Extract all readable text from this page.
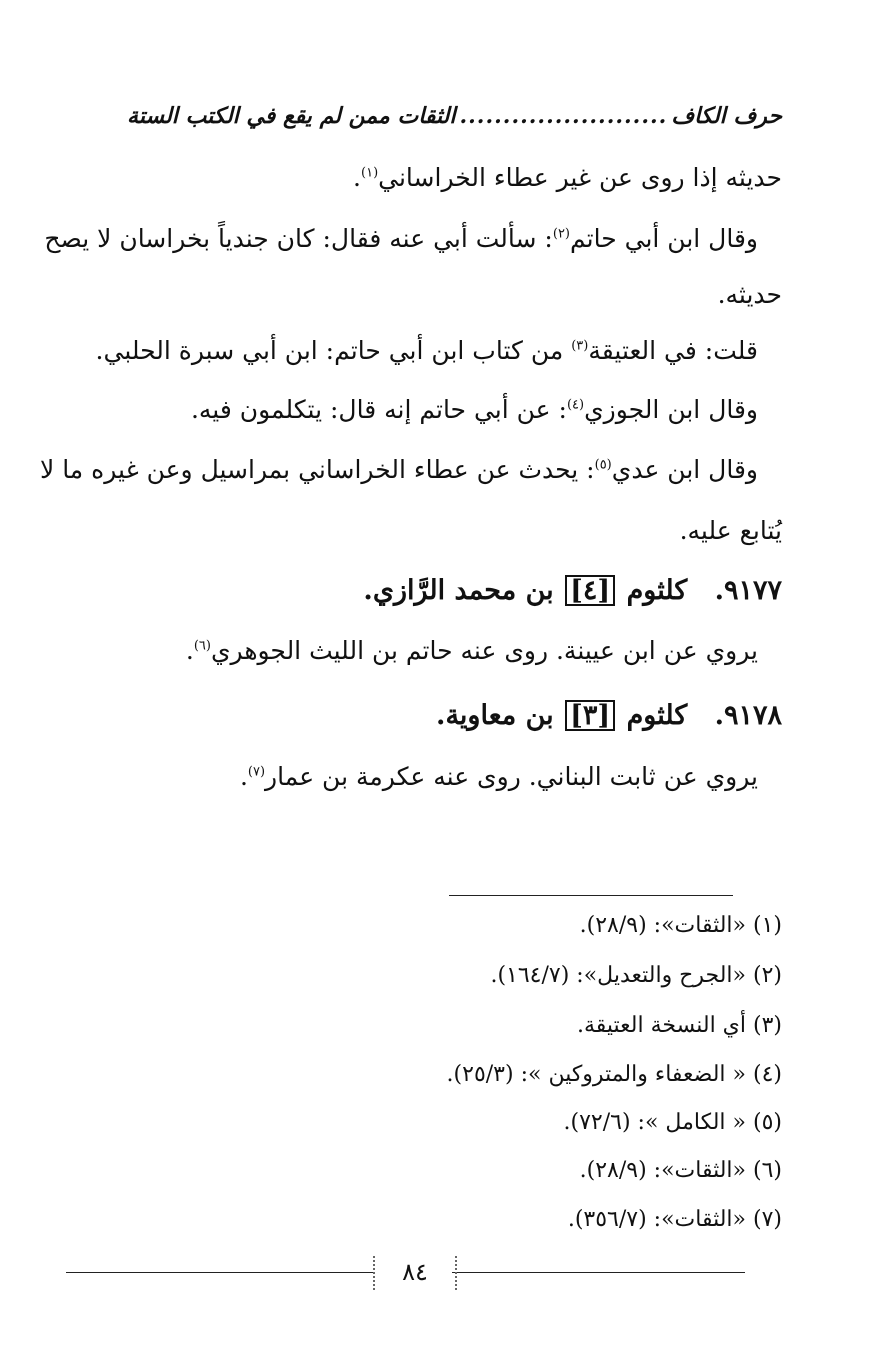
حرف الكاف
........................
الثقات ممن لم يقع في الكتب الستة
حديثه إذا روى عن غير عطاء الخراساني$^{(١)}$.
وقال ابن أبي حاتم$^{(٢)}$: سألت أبي عنه فقال: كان جندياً بخراسان لا يصح
حديثه.
قلت: في العتيقة$^{(٣)}$ من كتاب ابن أبي حاتم: ابن أبي سبرة الحلبي.
وقال ابن الجوزي$^{(٤)}$: عن أبي حاتم إنه قال: يتكلمون فيه.
وقال ابن عدي$^{(٥)}$: يحدث عن عطاء الخراساني بمراسيل وعن غيره ما لا
يُتابع عليه.
٩١٧٧. كلثوم [٤] بن محمد الرَّازي.
يروي عن ابن عيينة. روى عنه حاتم بن الليث الجوهري$^{(٦)}$.
٩١٧٨. كلثوم [٣] بن معاوية.
يروي عن ثابت البناني. روى عنه عكرمة بن عمار$^{(٧)}$.
(١) «الثقات»: (٢٨/٩).
(٢) «الجرح والتعديل»: (١٦٤/٧).
(٣) أي النسخة العتيقة.
(٤) « الضعفاء والمتروكين »: (٢٥/٣).
(٥) « الكامل »: (٧٢/٦).
(٦) «الثقات»: (٢٨/٩).
(٧) «الثقات»: (٣٥٦/٧).
٨٤
